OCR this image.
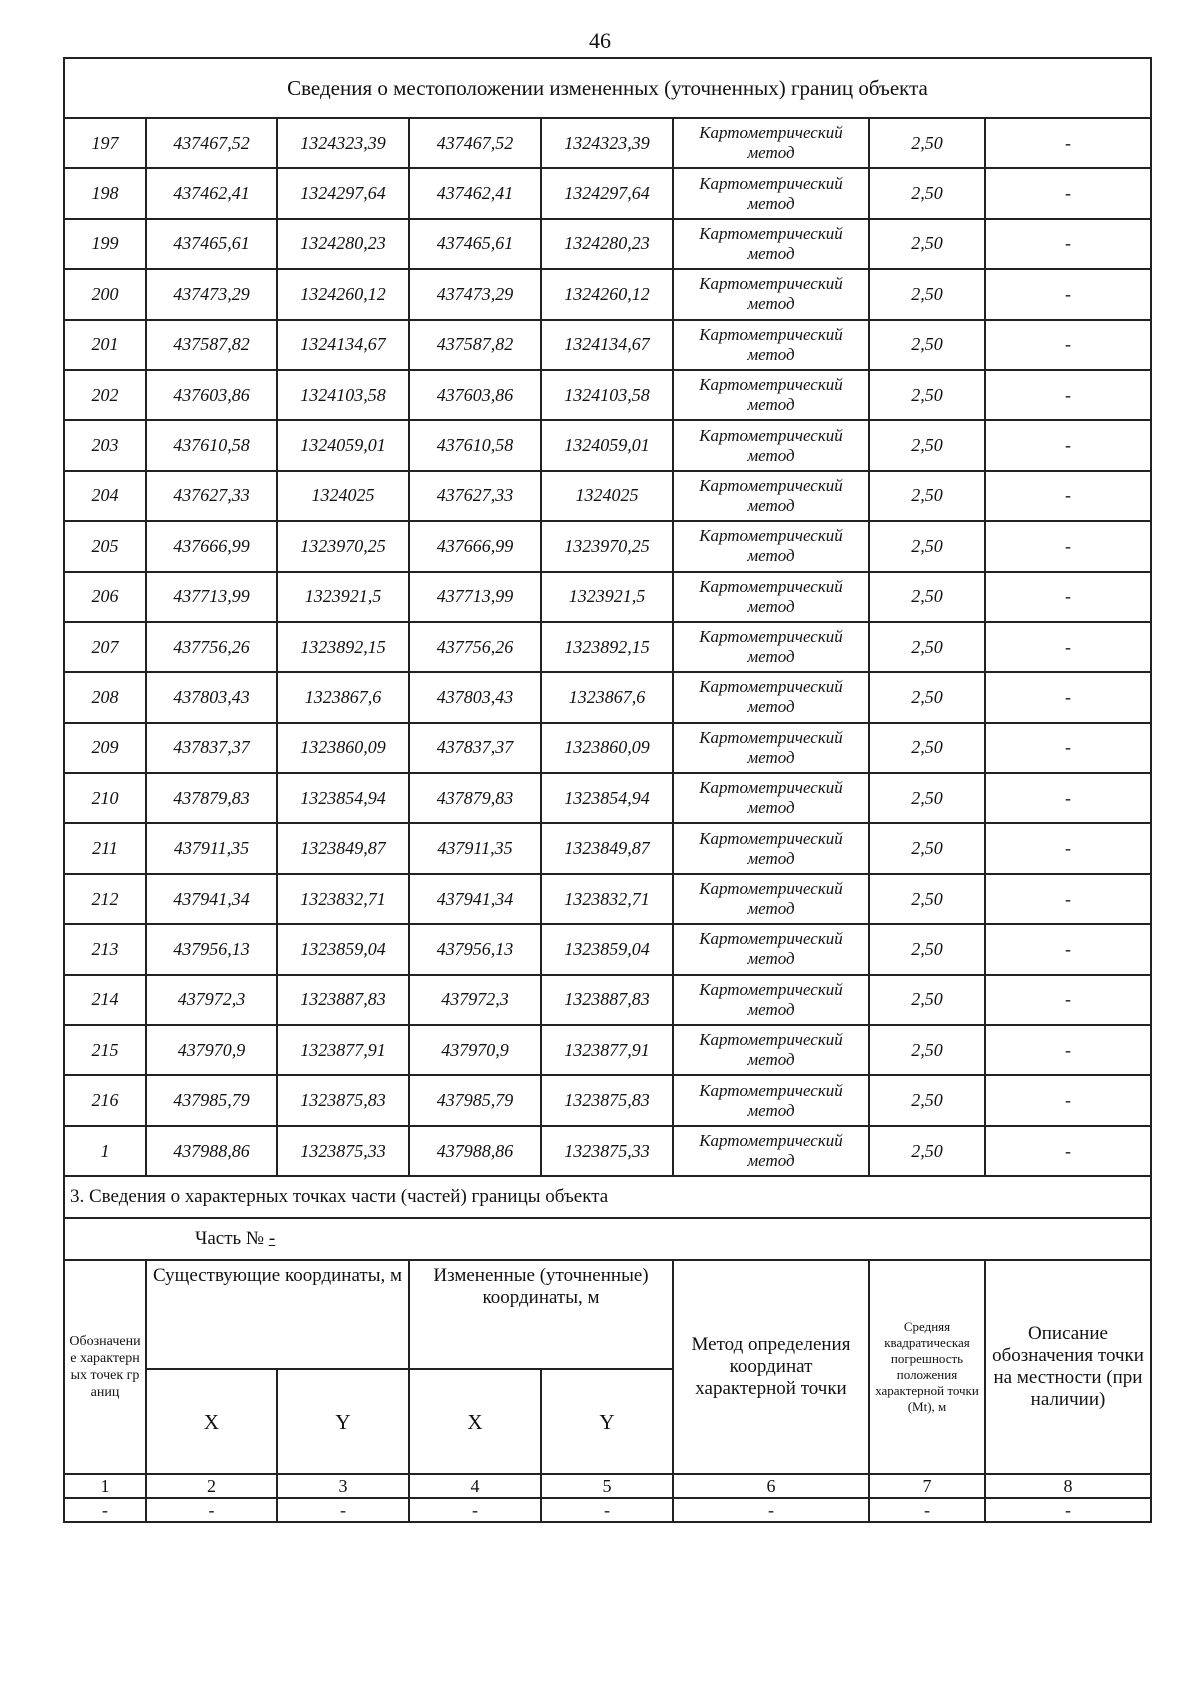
46
Сведения о местоположении измененных (уточненных) границ объекта							
197	437467,52	1324323,39	437467,52	1324323,39	Картометрический метод	2,50	-
198	437462,41	1324297,64	437462,41	1324297,64	Картометрический метод	2,50	-
199	437465,61	1324280,23	437465,61	1324280,23	Картометрический метод	2,50	-
200	437473,29	1324260,12	437473,29	1324260,12	Картометрический метод	2,50	-
201	437587,82	1324134,67	437587,82	1324134,67	Картометрический метод	2,50	-
202	437603,86	1324103,58	437603,86	1324103,58	Картометрический метод	2,50	-
203	437610,58	1324059,01	437610,58	1324059,01	Картометрический метод	2,50	-
204	437627,33	1324025	437627,33	1324025	Картометрический метод	2,50	-
205	437666,99	1323970,25	437666,99	1323970,25	Картометрический метод	2,50	-
206	437713,99	1323921,5	437713,99	1323921,5	Картометрический метод	2,50	-
207	437756,26	1323892,15	437756,26	1323892,15	Картометрический метод	2,50	-
208	437803,43	1323867,6	437803,43	1323867,6	Картометрический метод	2,50	-
209	437837,37	1323860,09	437837,37	1323860,09	Картометрический метод	2,50	-
210	437879,83	1323854,94	437879,83	1323854,94	Картометрический метод	2,50	-
211	437911,35	1323849,87	437911,35	1323849,87	Картометрический метод	2,50	-
212	437941,34	1323832,71	437941,34	1323832,71	Картометрический метод	2,50	-
213	437956,13	1323859,04	437956,13	1323859,04	Картометрический метод	2,50	-
214	437972,3	1323887,83	437972,3	1323887,83	Картометрический метод	2,50	-
215	437970,9	1323877,91	437970,9	1323877,91	Картометрический метод	2,50	-
216	437985,79	1323875,83	437985,79	1323875,83	Картометрический метод	2,50	-
1	437988,86	1323875,33	437988,86	1323875,33	Картометрический метод	2,50	-
3. Сведения о характерных точках части (частей) границы объекта							
Часть № -							
Обозначение характерных точек границ	Существующие координаты, м		Измененные (уточненные) координаты, м		Метод определения координат характерной точки	Средняя квадратическая погрешность положения характерной точки (Mt), м	Описание обозначения точки на местности (при наличии)
	X	Y	X	Y			
1	2	3	4	5	6	7	8
-	-	-	-	-	-	-	-
